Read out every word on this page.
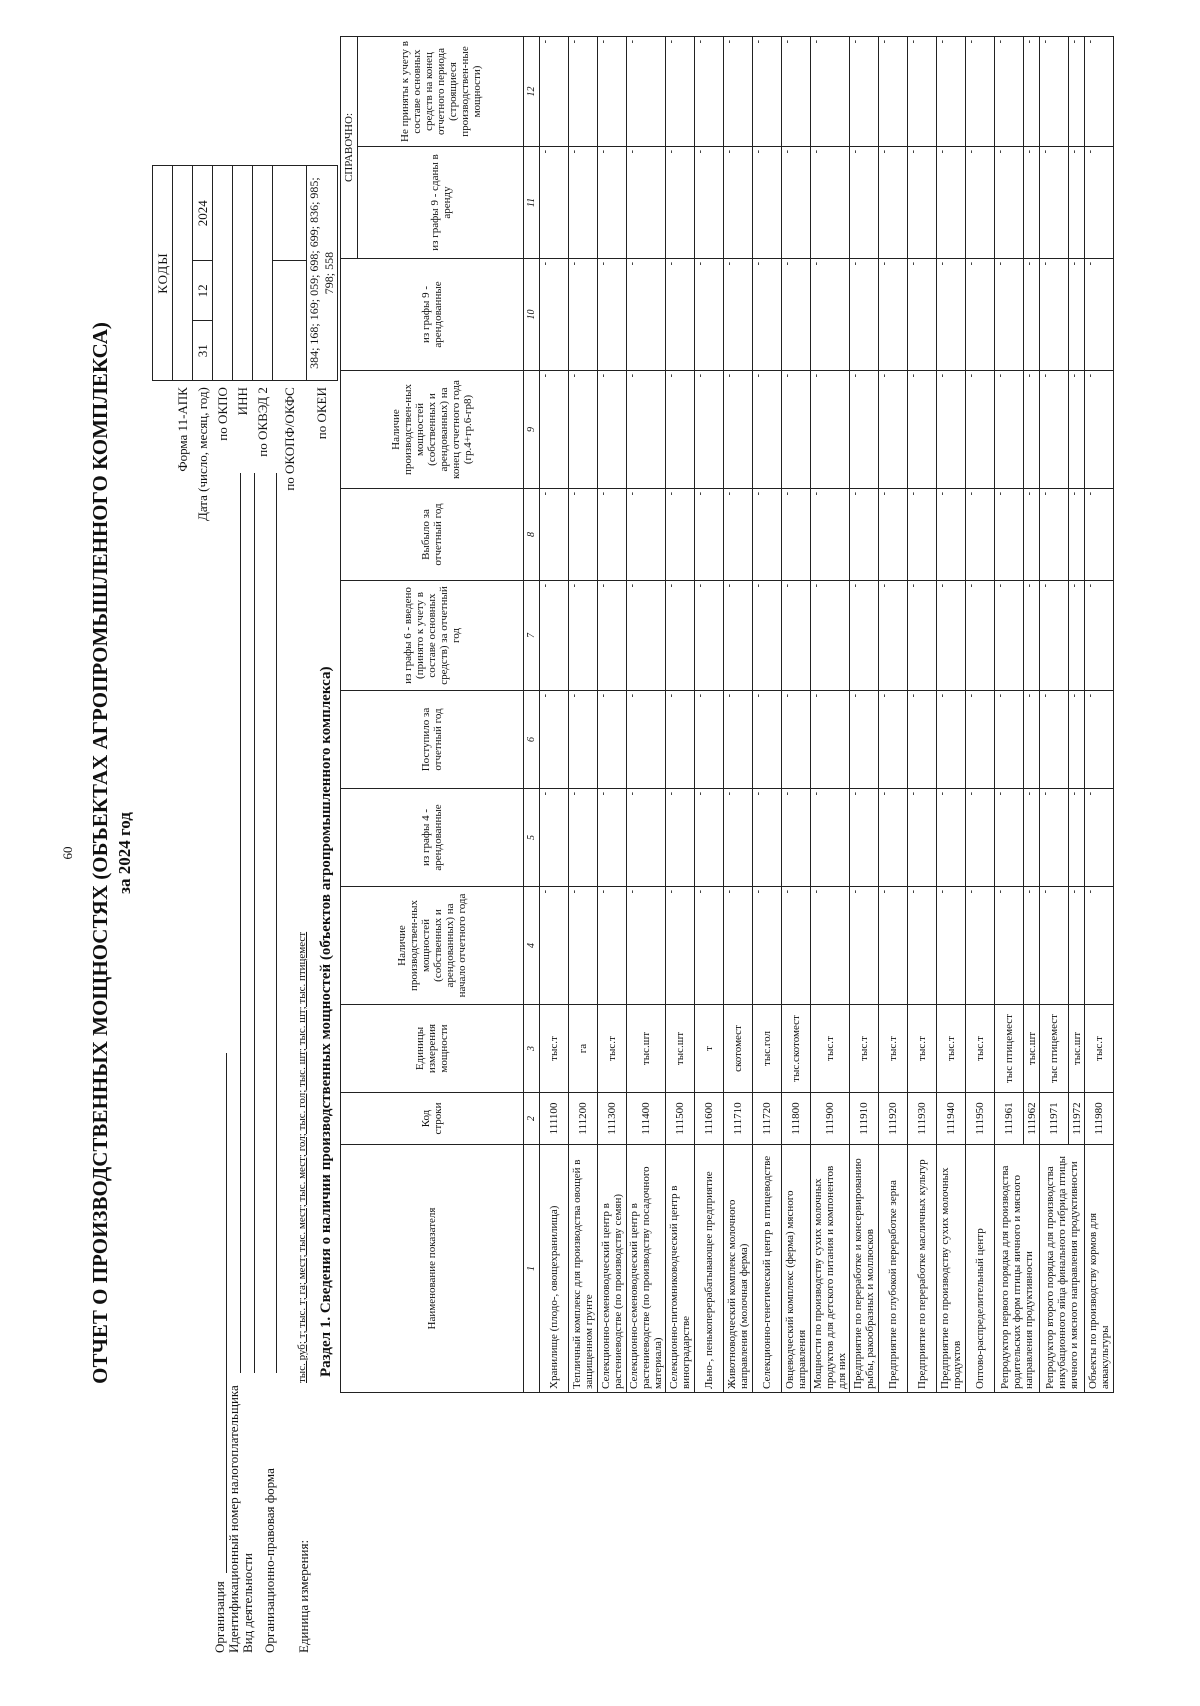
60 ОТЧЕТ О ПРОИЗВОДСТВЕННЫХ МОЩНОСТЯХ (ОБЪЕКТАХ АГРОПРОМЫШЛЕННОГО КОМПЛЕКСА) за 2024 год
Организация Идентификационный номер налогоплательщика Вид деятельности Организационно-правовая форма Единица измерения:
тыс. руб; т; тыс. т; га; мест; тыс. мест; тыс. мест; гол; тыс. гол; тыс. шт; тыс. шт; тыс. птицемест
	КОДЫ		
Форма 11-АПК			
Дата (число, месяц, год)	31	12	2024
по ОКПО			
ИНН			
по ОКВЭД 2			
по ОКОПФ/ОКФС			
по ОКЕИ	384; 168; 169; 059; 698; 699; 836; 985; 798; 558		
Раздел 1. Сведения о наличии производственных мощностей (объектов агропромышленного комплекса)	Наименование показателя	Код строки	Единицы измерения мощности	Наличие производствен-ных мощностей (собственных и арендованных) на начало отчетного года	из графы 4 - арендованные	Поступило за отчетный год	из графы 6 - введено (принято к учету в составе основных средств) за отчетный год	Выбыло за отчетный год	Наличие производствен-ных мощностей (собственных и арендованных) на конец отчетного года (гр.4+гр.6-гр8)	из графы 9 - арендованные	СПРАВОЧНО:	
										из графы 9 - сданы в аренду	Не приняты к учету в составе основных средств на конец отчетного периода (строящиеся производствен-ные мощности)
1	2	3	4	5	6	7	8	9	10	11	12
Хранилище (плодо-, овощехранилища)	111100	тыс.т	-	-	-	-	-	-	-	-	-
Тепличный комплекс для производства овощей в защищенном грунте	111200	га	-	-	-	-	-	-	-	-	-
Селекционно-семеноводческий центр в растениеводстве (по производству семян)	111300	тыс.т	-	-	-	-	-	-	-	-	-
Селекционно-семеноводческий центр в растениеводстве (по производству посадочного материала)	111400	тыс.шт	-	-	-	-	-	-	-	-	-
Селекционно-питомниководческий центр в виноградарстве	111500	тыс.шт	-	-	-	-	-	-	-	-	-
Льно-, пенькоперерабатывающее предприятие	111600	т	-	-	-	-	-	-	-	-	-
Животноводческий комплекс молочного направления (молочная ферма)	111710	скотомест	-	-	-	-	-	-	-	-	-
Селекционно-генетический центр в птицеводстве	111720	тыс.гол	-	-	-	-	-	-	-	-	-
Овцеводческий комплекс (ферма) мясного направления	111800	тыс.скотомест	-	-	-	-	-	-	-	-	-
Мощности по производству сухих молочных продуктов для детского питания и компонентов для них	111900	тыс.т	-	-	-	-	-	-	-	-	-
Предприятие по переработке и консервированию рыбы, ракообразных и моллюсков	111910	тыс.т	-	-	-	-	-	-	-	-	-
Предприятие по глубокой переработке зерна	111920	тыс.т	-	-	-	-	-	-	-	-	-
Предприятие по переработке масличных культур	111930	тыс.т	-	-	-	-	-	-	-	-	-
Предприятие по производству сухих молочных продуктов	111940	тыс.т	-	-	-	-	-	-	-	-	-
Оптово-распределительный центр	111950	тыс.т	-	-	-	-	-	-	-	-	-
Репродуктор первого порядка для производства родительских форм птицы яичного и мясного направления продуктивности	111961	тыс птицемест	-	-	-	-	-	-	-	-	-
	111962	тыс.шт	-	-	-	-	-	-	-	-	-
Репродуктор второго порядка для производства инкубационного яйца финального гибрида птицы яичного и мясного направления продуктивности	111971	тыс птицемест	-	-	-	-	-	-	-	-	-
	111972	тыс.шт	-	-	-	-	-	-	-	-	-
Объекты по производству кормов для аквакультуры	111980	тыс.т	-	-	-	-	-	-	-	-	-
